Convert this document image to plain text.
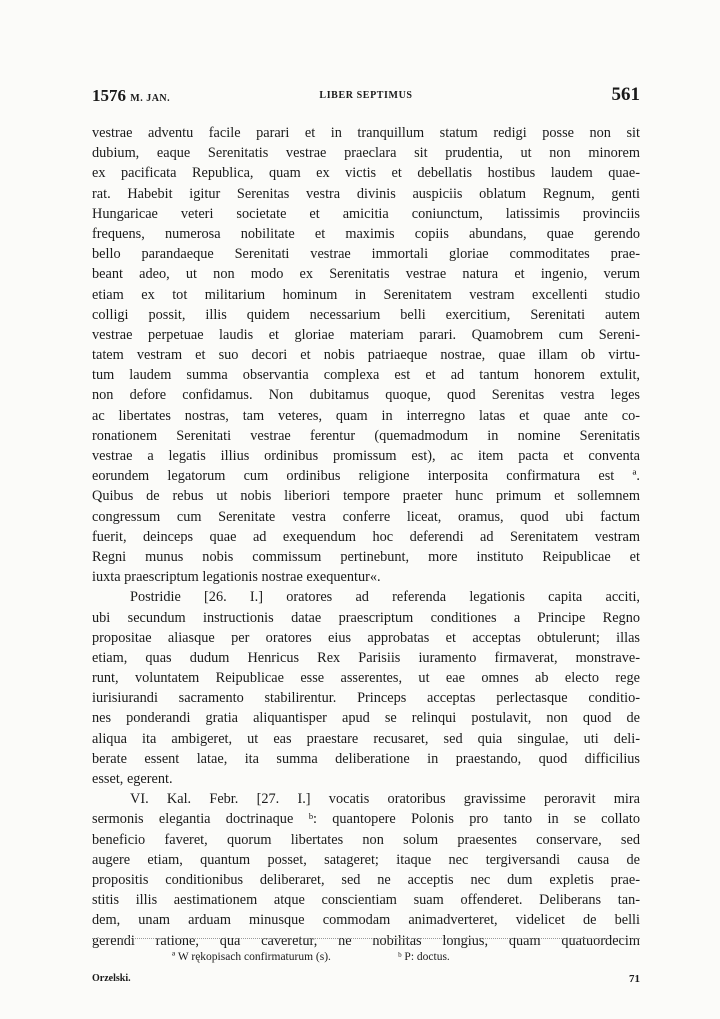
1576 M. JAN.	LIBER SEPTIMUS	561
vestrae adventu facile parari et in tranquillum statum redigi posse non sit
dubium, eaque Serenitatis vestrae praeclara sit prudentia, ut non minorem
ex pacificata Republica, quam ex victis et debellatis hostibus laudem quae-
rat. Habebit igitur Serenitas vestra divinis auspiciis oblatum Regnum, genti
Hungaricae veteri societate et amicitia coniunctum, latissimis provinciis
frequens, numerosa nobilitate et maximis copiis abundans, quae gerendo
bello parandaeque Serenitati vestrae immortali gloriae commoditates prae-
beant adeo, ut non modo ex Serenitatis vestrae natura et ingenio, verum
etiam ex tot militarium hominum in Serenitatem vestram excellenti studio
colligi possit, illis quidem necessarium belli exercitium, Serenitati autem
vestrae perpetuae laudis et gloriae materiam parari. Quamobrem cum Sereni-
tatem vestram et suo decori et nobis patriaeque nostrae, quae illam ob virtu-
tum laudem summa observantia complexa est et ad tantum honorem extulit,
non defore confidamus. Non dubitamus quoque, quod Serenitas vestra leges
ac libertates nostras, tam veteres, quam in interregno latas et quae ante co-
ronationem Serenitati vestrae ferentur (quemadmodum in nomine Serenitatis
vestrae a legatis illius ordinibus promissum est), ac item pacta et conventa
eorundem legatorum cum ordinibus religione interposita confirmatura est ª.
Quibus de rebus ut nobis liberiori tempore praeter hunc primum et sollemnem
congressum cum Serenitate vestra conferre liceat, oramus, quod ubi factum
fuerit, deinceps quae ad exequendum hoc deferendi ad Serenitatem vestram
Regni munus nobis commissum pertinebunt, more instituto Reipublicae et
iuxta praescriptum legationis nostrae exequentur«.
Postridie [26. I.] oratores ad referenda legationis capita acciti,
ubi secundum instructionis datae praescriptum conditiones a Principe Regno
propositae aliasque per oratores eius approbatas et acceptas obtulerunt; illas
etiam, quas dudum Henricus Rex Parisiis iuramento firmaverat, monstrave-
runt, voluntatem Reipublicae esse asserentes, ut eae omnes ab electo rege
iurisiurandi sacramento stabilirentur. Princeps acceptas perlectasque conditio-
nes ponderandi gratia aliquantisper apud se relinqui postulavit, non quod de
aliqua ita ambigeret, ut eas praestare recusaret, sed quia singulae, uti deli-
berate essent latae, ita summa deliberatione in praestando, quod difficilius
esset, egerent.
VI. Kal. Febr. [27. I.] vocatis oratoribus gravissime peroravit mira
sermonis elegantia doctrinaque ᵇ: quantopere Polonis pro tanto in se collato
beneficio faveret, quorum libertates non solum praesentes conservare, sed
augere etiam, quantum posset, satageret; itaque nec tergiversandi causa de
propositis conditionibus deliberaret, sed ne acceptis nec dum expletis prae-
stitis illis aestimationem atque conscientiam suam offenderet. Deliberans tan-
dem, unam arduam minusque commodam animadverteret, videlicet de belli
gerendi ratione, qua caveretur, ne nobilitas longius, quam quatuordecim
ª W rękopisach confirmaturum (s).	ᵇ P: doctus.
Orzelski.	71
